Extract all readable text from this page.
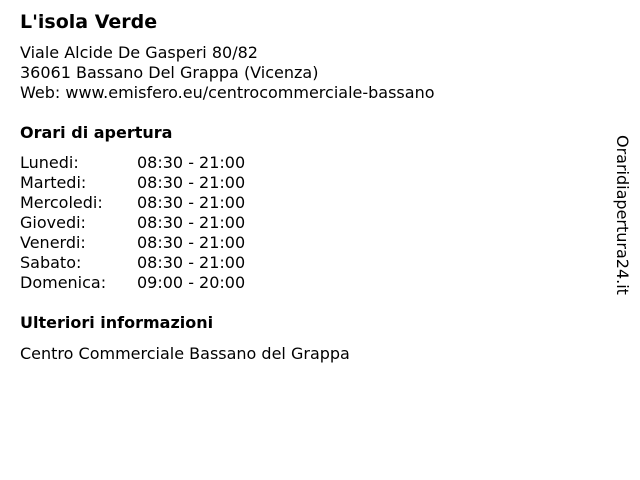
L'isola Verde
Viale Alcide De Gasperi 80/82
36061 Bassano Del Grappa (Vicenza)
Web: www.emisfero.eu/centrocommerciale-bassano
Orari di apertura
Lunedi:	08:30 - 21:00
Martedi:	08:30 - 21:00
Mercoledi:	08:30 - 21:00
Giovedi:	08:30 - 21:00
Venerdi:	08:30 - 21:00
Sabato:	08:30 - 21:00
Domenica:	09:00 - 20:00
Ulteriori informazioni
Centro Commerciale Bassano del Grappa
Oraridiapertura24.it
